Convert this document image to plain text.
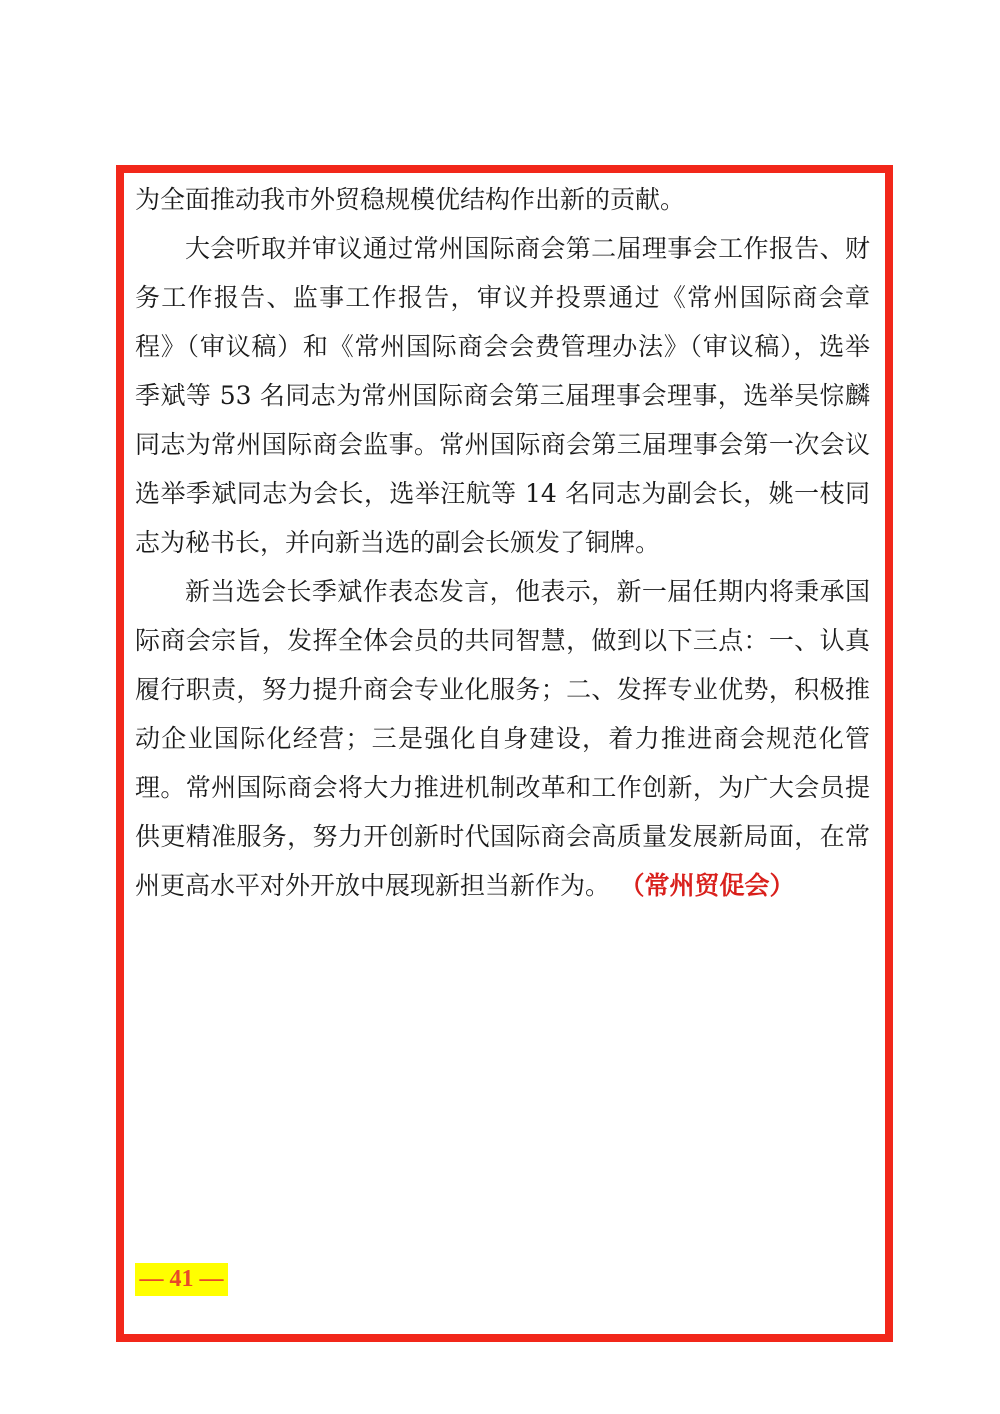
为全面推动我市外贸稳规模优结构作出新的贡献。

大会听取并审议通过常州国际商会第二届理事会工作报告、财务工作报告、监事工作报告，审议并投票通过《常州国际商会章程》（审议稿）和《常州国际商会会费管理办法》（审议稿），选举季斌等 53 名同志为常州国际商会第三届理事会理事，选举吴悰麟同志为常州国际商会监事。常州国际商会第三届理事会第一次会议选举季斌同志为会长，选举汪航等 14 名同志为副会长，姚一枝同志为秘书长，并向新当选的副会长颁发了铜牌。

新当选会长季斌作表态发言，他表示，新一届任期内将秉承国际商会宗旨，发挥全体会员的共同智慧，做到以下三点：一、认真履行职责，努力提升商会专业化服务；二、发挥专业优势，积极推动企业国际化经营；三是强化自身建设，着力推进商会规范化管理。常州国际商会将大力推进机制改革和工作创新，为广大会员提供更精准服务，努力开创新时代国际商会高质量发展新局面，在常州更高水平对外开放中展现新担当新作为。 （常州贸促会）

— 41 —
